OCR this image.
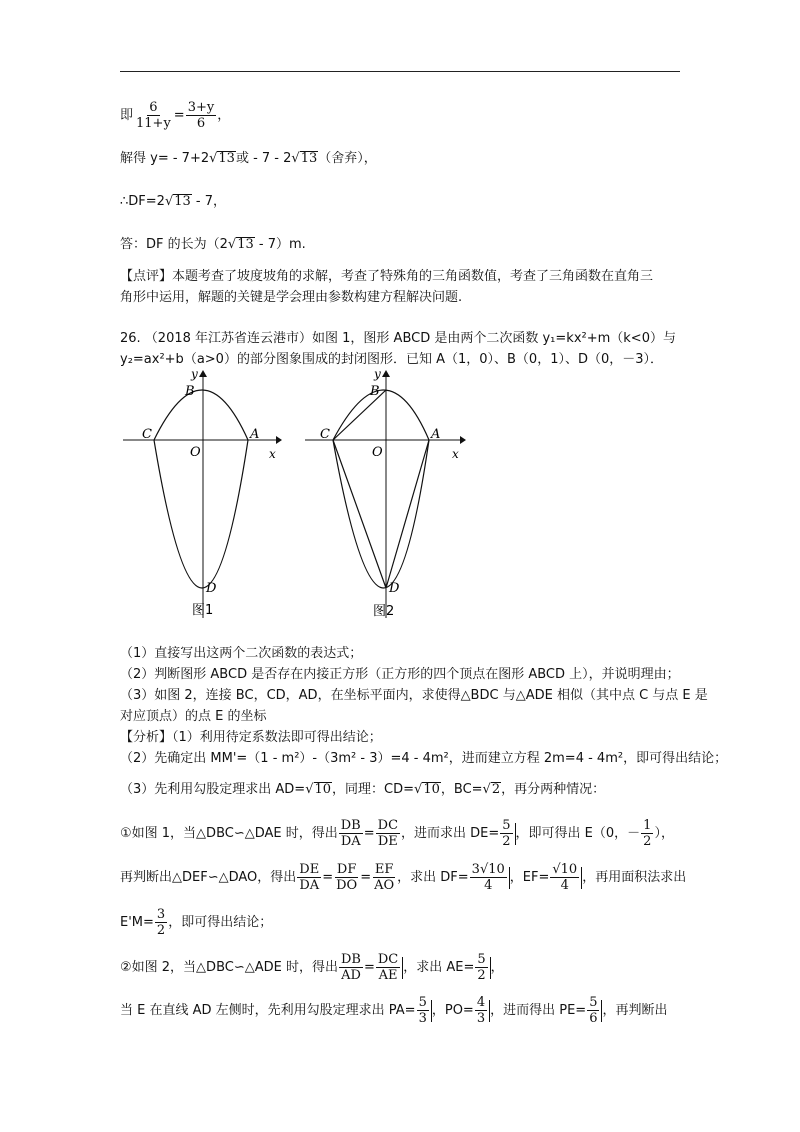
即 $\frac{6}{11+y} = \frac{3+y}{6}$ ，
解得 y= - 7+2√13或 - 7 - 2√13（舍弃），
∴DF=2√13 - 7，
答：DF 的长为（2√13 - 7）m.
【点评】本题考查了坡度坡角的求解，考查了特殊角的三角函数值，考查了三角函数在直角三
角形中运用，解题的关键是学会理由参数构建方程解决问题.
26. （2018 年江苏省连云港市）如图 1，图形 ABCD 是由两个二次函数 y₁=kx²+m（k<0）与
y₂=ax²+b（a>0）的部分图象围成的封闭图形．已知 A（1，0）、B（0，1）、D（0，－3）．
y
x
B
C	A
O
D
图1
y
x
B
C	A
O
D
图2
（1）直接写出这两个二次函数的表达式；
（2）判断图形 ABCD 是否存在内接正方形（正方形的四个顶点在图形 ABCD 上），并说明理由；
（3）如图 2，连接 BC，CD，AD，在坐标平面内，求使得△BDC 与△ADE 相似（其中点 C 与点 E 是
对应顶点）的点 E 的坐标
【分析】（1）利用待定系数法即可得出结论；
（2）先确定出 MM'=（1 - m²）-（3m² - 3）=4 - 4m²，进而建立方程 2m=4 - 4m²，即可得出结论；
（3）先利用勾股定理求出 AD=√10，同理：CD=√10，BC=√2，再分两种情况：
①如图 1，当△DBC∽△DAE 时，得出 $\frac{DB}{DA} = \frac{DC}{DE}$ ，进而求出 $DE= \frac{5}{2}$ ，即可得出 E（0，－ $\frac{1}{2}$ ），
再判断出△DEF∽△DAO，得出 $\frac{DE}{DA} = \frac{DF}{DO} = \frac{EF}{AO}$ ，求出 $DF= \frac{3√10}{4}$ ，$EF= \frac{√10}{4}$ ，再用面积法求出
$E'M= \frac{3}{2}$ ，即可得出结论；
②如图 2，当△DBC∽△ADE 时，得出 $\frac{DB}{AD} = \frac{DC}{AE}$ ，求出 $AE= \frac{5}{2}$ ，
当 E 在直线 AD 左侧时，先利用勾股定理求出 $PA= \frac{5}{3}$ ，$PO= \frac{4}{3}$ ，进而得出 $PE= \frac{5}{6}$ ，再判断出
